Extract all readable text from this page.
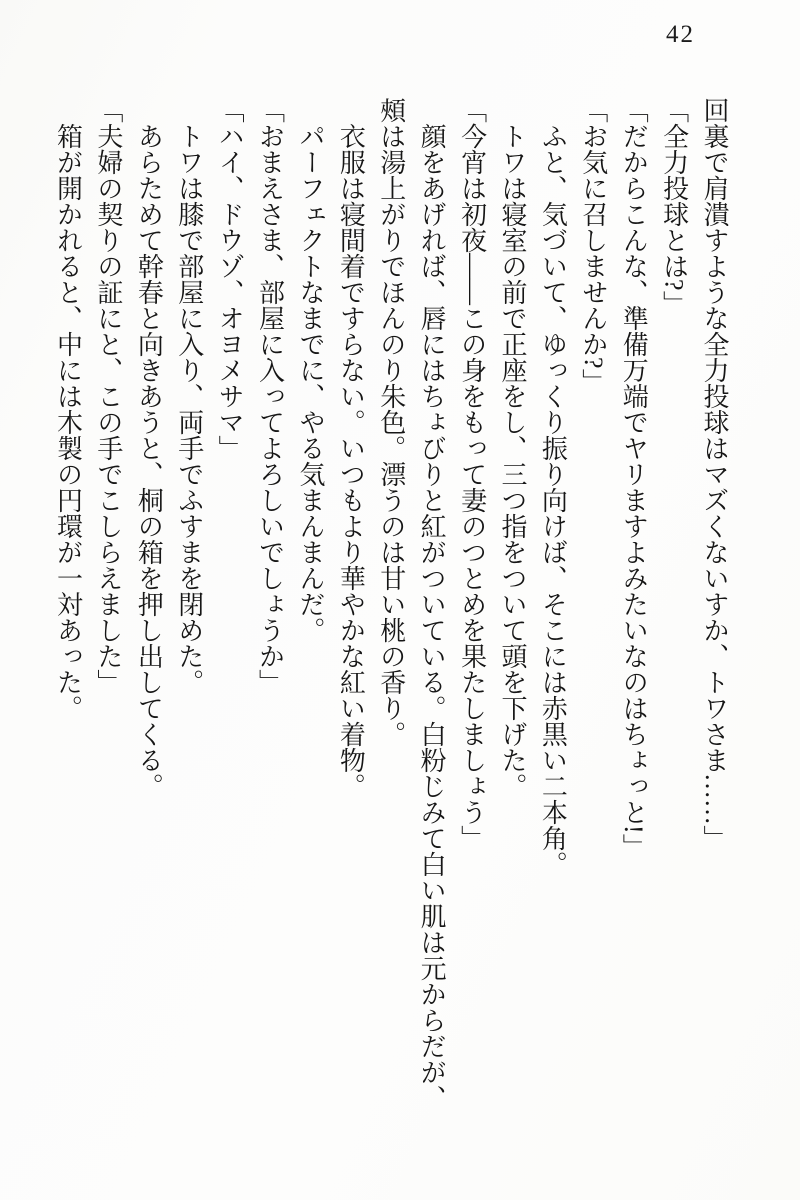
42

回裏で肩潰すような全力投球はマズくないすか、トワさま……」

「全力投球とは?」

「だからこんな、準備万端でヤリますよみたいなのはちょっと!」

「お気に召しませんか?」

ふと、気づいて、ゆっくり振り向けば、そこには赤黒い二本角。

トワは寝室の前で正座をし、三つ指をついて頭を下げた。

「今宵は初夜――この身をもって妻のつとめを果たしましょう」

顔をあげれば、唇にはちょびりと紅がついている。白粉じみて白い肌は元からだが、頰は湯上がりでほんのり朱色。漂うのは甘い桃の香り。

衣服は寝間着ですらない。いつもより華やかな紅い着物。

パーフェクトなまでに、やる気まんまんだ。

「おまえさま、部屋に入ってよろしいでしょうか」

「ハイ、ドウゾ、オヨメサマ」

トワは膝で部屋に入り、両手でふすまを閉めた。

あらためて幹春と向きあうと、桐の箱を押し出してくる。

「夫婦の契りの証にと、この手でこしらえました」

箱が開かれると、中には木製の円環が一対あった。
